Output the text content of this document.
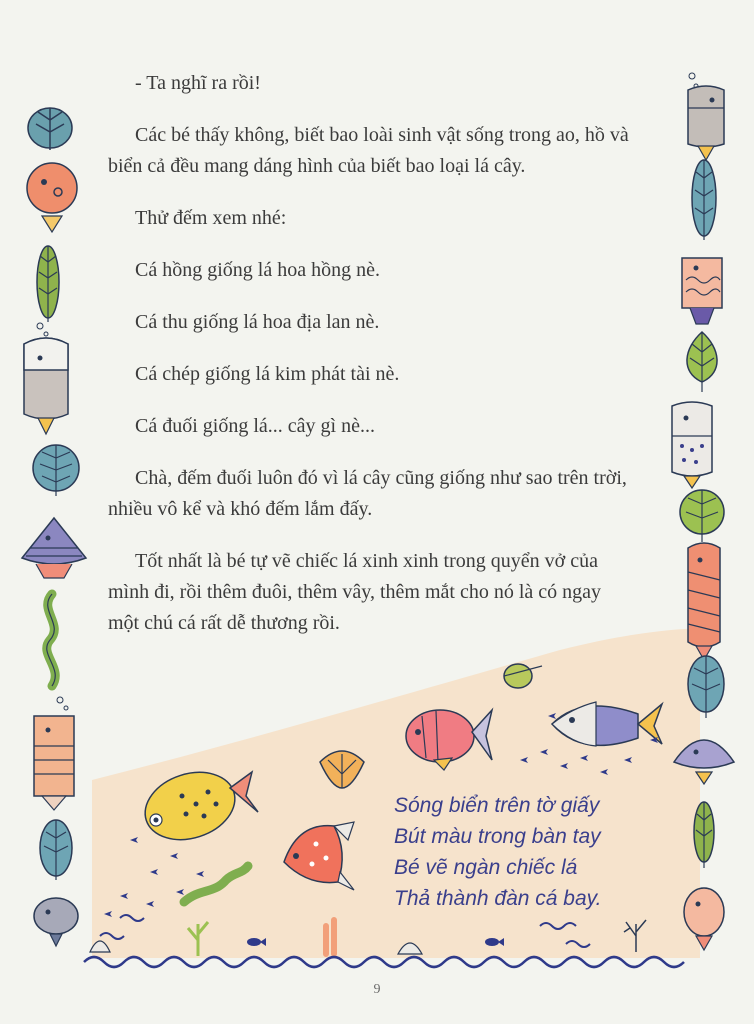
- Ta nghĩ ra rồi!

Các bé thấy không, biết bao loài sinh vật sống trong ao, hồ và biển cả đều mang dáng hình của biết bao loại lá cây.

Thử đếm xem nhé:

Cá hồng giống lá hoa hồng nè.

Cá thu giống lá hoa địa lan nè.

Cá chép giống lá kim phát tài nè.

Cá đuối giống lá... cây gì nè...

Chà, đếm đuối luôn đó vì lá cây cũng giống như sao trên trời, nhiều vô kể và khó đếm lắm đấy.

Tốt nhất là bé tự vẽ chiếc lá xinh xinh trong quyển vở của mình đi, rồi thêm đuôi, thêm vây, thêm mắt cho nó là có ngay một chú cá rất dễ thương rồi.

Sóng biển trên tờ giấy
Bút màu trong bàn tay
Bé vẽ ngàn chiếc lá
Thả thành đàn cá bay.
9
